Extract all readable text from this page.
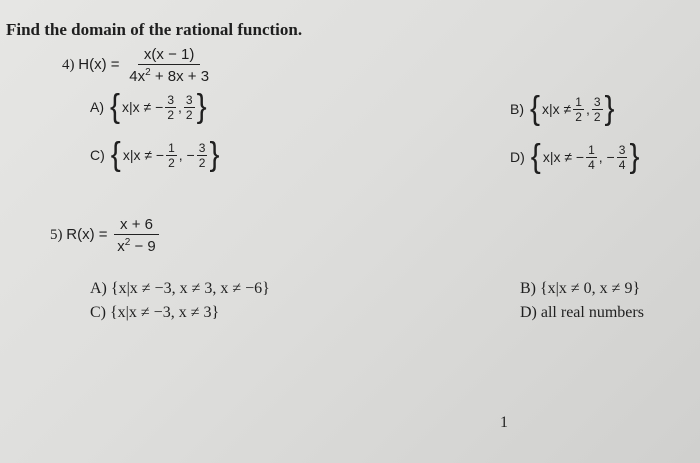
Find the domain of the rational function.
4) $H(x) = \frac{x(x - 1)}{4x^2 + 8x + 3}$
A) { x|x ≠ − $\frac{3}{2}$ , $\frac{3}{2}$ }	B) { $x|x \ne \frac{1}{2}$ , $\frac{3}{2}$ }
C) { x|x ≠ − $\frac{1}{2}$ , − $\frac{3}{2}$ }	D) { x|x ≠ − $\frac{1}{4}$ , − $\frac{3}{4}$ }
5) $R(x) = \frac{x + 6}{x^2 - 9}$
A) {x|x ≠ −3, x ≠ 3, x ≠ −6}	B) {x|x ≠ 0, x ≠ 9}
C) {x|x ≠ −3, x ≠ 3}	D) all real numbers
1
